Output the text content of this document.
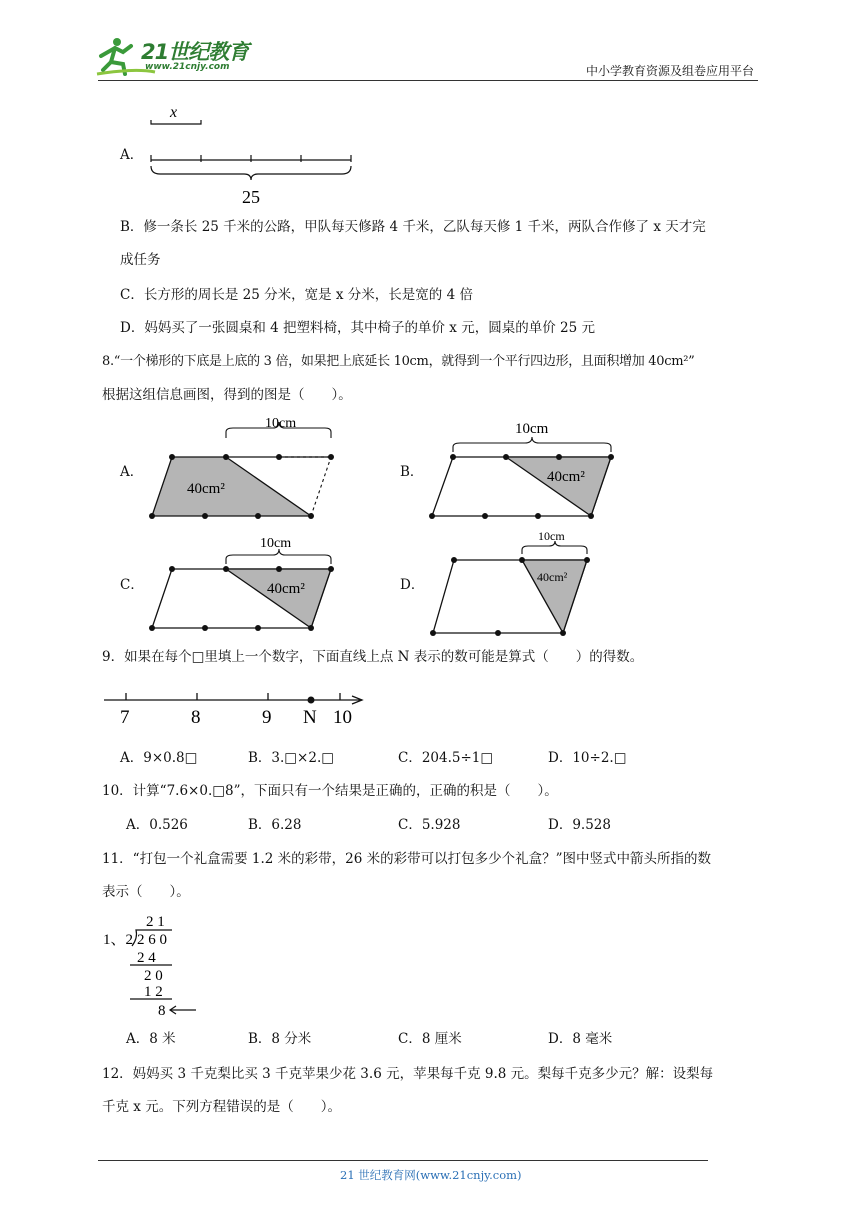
21世纪教育
www.21cnjy.com	中小学教育资源及组卷应用平台
x
25
A．
B．修一条长 25 千米的公路，甲队每天修路 4 千米，乙队每天修 1 千米，两队合作修了 x 天才完
成任务
C．长方形的周长是 25 分米，宽是 x 分米，长是宽的 4 倍
D．妈妈买了一张圆桌和 4 把塑料椅，其中椅子的单价 x 元，圆桌的单价 25 元
8.“一个梯形的下底是上底的 3 倍，如果把上底延长 10cm，就得到一个平行四边形，且面积增加 40cm²”
根据这组信息画图，得到的图是（　　）。
A．
10cm
40cm²
B．
10cm
40cm²
C．
10cm
40cm²	D．
10cm
40cm²
9．如果在每个□里填上一个数字，下面直线上点 N 表示的数可能是算式（　　）的得数。
7	8	9 N 10
A．9×0.8□	B．3.□×2.□	C．204.5÷1□	D．10÷2.□
10．计算“7.6×0.□8”，下面只有一个结果是正确的，正确的积是（　　）。
A．0.526	B．6.28	C．5.928	D．9.528
11．“打包一个礼盒需要 1.2 米的彩带，26 米的彩带可以打包多少个礼盒？”图中竖式中箭头所指的数
表示（　　）。
2 1
1、2 2 6 0
2 4
2 0
1 2
8
A．8 米	B．8 分米	C．8 厘米	D．8 毫米
12．妈妈买 3 千克梨比买 3 千克苹果少花 3.6 元，苹果每千克 9.8 元。梨每千克多少元？解：设梨每
千克 x 元。下列方程错误的是（　　）。
21 世纪教育网(www.21cnjy.com)
